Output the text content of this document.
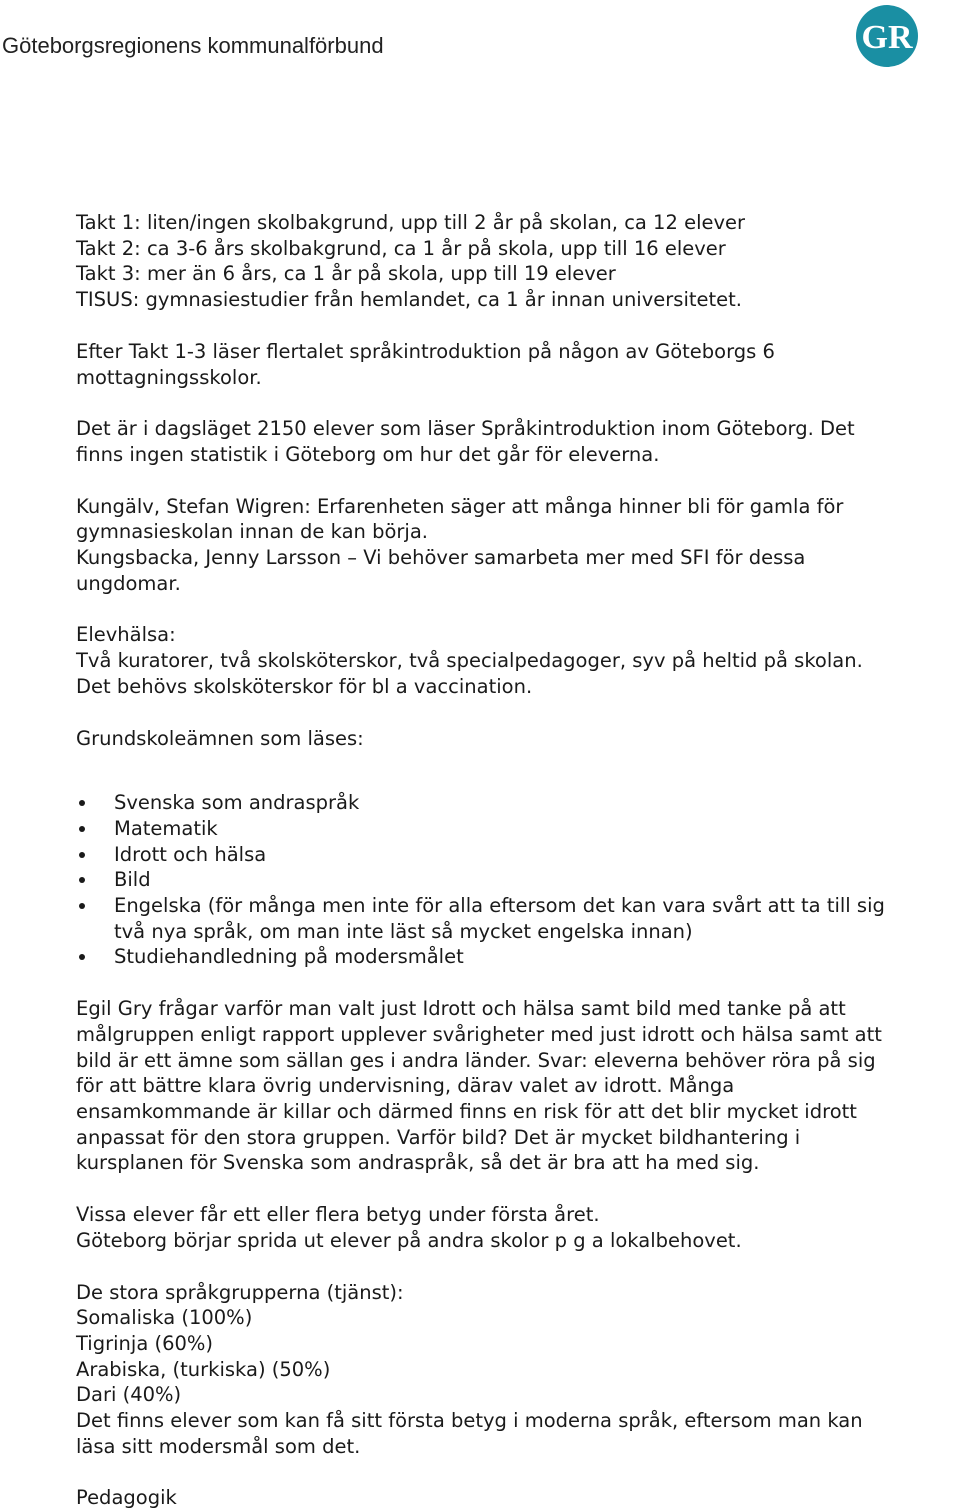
Göteborgsregionens kommunalförbund	GR

Takt 1: liten/ingen skolbakgrund, upp till 2 år på skolan, ca 12 elever
Takt 2: ca 3-6 års skolbakgrund, ca 1 år på skola, upp till 16 elever
Takt 3: mer än 6 års, ca 1 år på skola, upp till 19 elever
TISUS: gymnasiestudier från hemlandet, ca 1 år innan universitetet.

Efter Takt 1-3 läser flertalet språkintroduktion på någon av Göteborgs 6
mottagningsskolor.

Det är i dagsläget 2150 elever som läser Språkintroduktion inom Göteborg. Det
finns ingen statistik i Göteborg om hur det går för eleverna.

Kungälv, Stefan Wigren: Erfarenheten säger att många hinner bli för gamla för
gymnasieskolan innan de kan börja.

Kungsbacka, Jenny Larsson – Vi behöver samarbeta mer med SFI för dessa
ungdomar.

Elevhälsa:

Två kuratorer, två skolsköterskor, två specialpedagoger, syv på heltid på skolan.
Det behövs skolsköterskor för bl a vaccination.

Grundskoleämnen som läses:

Svenska som andraspråk

Matematik

Idrott och hälsa

Bild

Engelska (för många men inte för alla eftersom det kan vara svårt att ta till sig
två nya språk, om man inte läst så mycket engelska innan)

Studiehandledning på modersmålet

Egil Gry frågar varför man valt just Idrott och hälsa samt bild med tanke på att
målgruppen enligt rapport upplever svårigheter med just idrott och hälsa samt att
bild är ett ämne som sällan ges i andra länder. Svar: eleverna behöver röra på sig
för att bättre klara övrig undervisning, därav valet av idrott. Många
ensamkommande är killar och därmed finns en risk för att det blir mycket idrott
anpassat för den stora gruppen. Varför bild? Det är mycket bildhantering i
kursplanen för Svenska som andraspråk, så det är bra att ha med sig.

Vissa elever får ett eller flera betyg under första året.
Göteborg börjar sprida ut elever på andra skolor p g a lokalbehovet.

De stora språkgrupperna (tjänst):
Somaliska (100%)
Tigrinja (60%)
Arabiska, (turkiska) (50%)
Dari (40%)
Det finns elever som kan få sitt första betyg i moderna språk, eftersom man kan
läsa sitt modersmål som det.

Pedagogik
